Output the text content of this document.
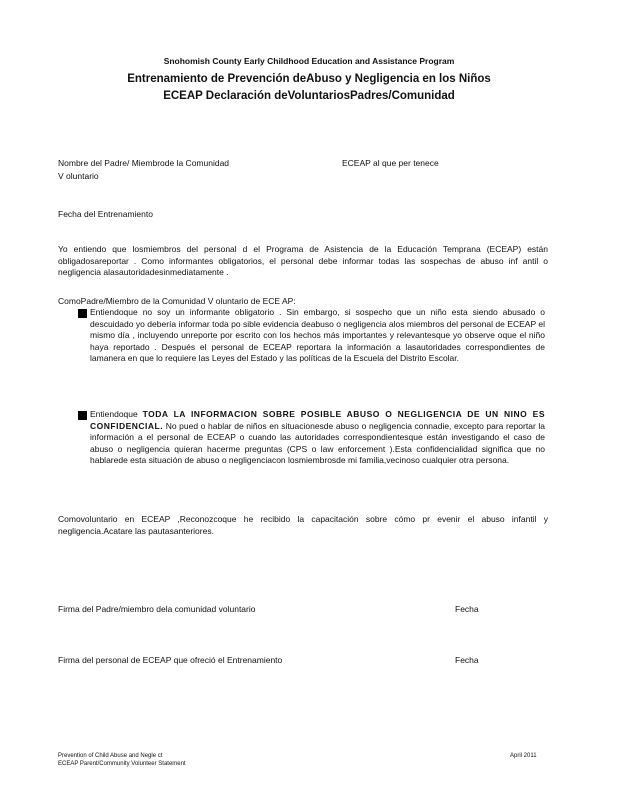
Snohomish County Early Childhood Education and Assistance Program
Entrenamiento de Prevención deAbuso y Negligencia en los Niños
ECEAP Declaración deVoluntariosPadres/Comunidad
Nombre del Padre/ Miembrode la Comunidad	ECEAP al que per tenece
V oluntario
Fecha del Entrenamiento
Yo entiendo que losmiembros del personal d el Programa de Asistencia de la Educación Temprana (ECEAP) están obligadosareportar . Como informantes obligatorios, el personal debe informar todas las sospechas de abuso inf antil o negligencia alasautoridadesinmediatamente .
ComoPadre/Miembro de la Comunidad V oluntario de ECE AP:
Entiendoque no soy un informante obligatorio . Sin embargo, si sospecho que un niño esta siendo abusado o descuidado yo debería informar toda po sible evidencia deabuso o negligencia alos miembros del personal de ECEAP el mismo día , incluyendo unreporte por escrito con los hechos más importantes y relevantesque yo observe oque el niño haya reportado . Después el personal de ECEAP reportara la información a lasautoridades correspondientes de lamanera en que lo requiere las Leyes del Estado y las políticas de la Escuela del Distrito Escolar.
Entiendoque TODA LA INFORMACION SOBRE POSIBLE ABUSO O NEGLIGENCIA DE UN NINO ES CONFIDENCIAL. No pued o hablar de niños en situacionesde abuso o negligencia connadie, excepto para reportar la información a el personal de ECEAP o cuando las autoridades correspondientesque están investigando el caso de abuso o negligencia quieran hacerme preguntas (CPS o law enforcement ).Esta confidencialidad significa que no hablarede esta situación de abuso o negligenciacon losmiembrosde mi familia,vecinoso cualquier otra persona.
Comovoluntario en ECEAP ,Reconozcoque he recibido la capacitación sobre cómo pr evenir el abuso infantil y negligencia.Acatare las pautasanteriores.
Firma del Padre/miembro dela comunidad voluntario	Fecha
Firma del personal de ECEAP que ofreció el Entrenamiento	Fecha
Prevention of Child Abuse and Negle ct
ECEAP Parent/Community Volunteer Statement
April 2011
